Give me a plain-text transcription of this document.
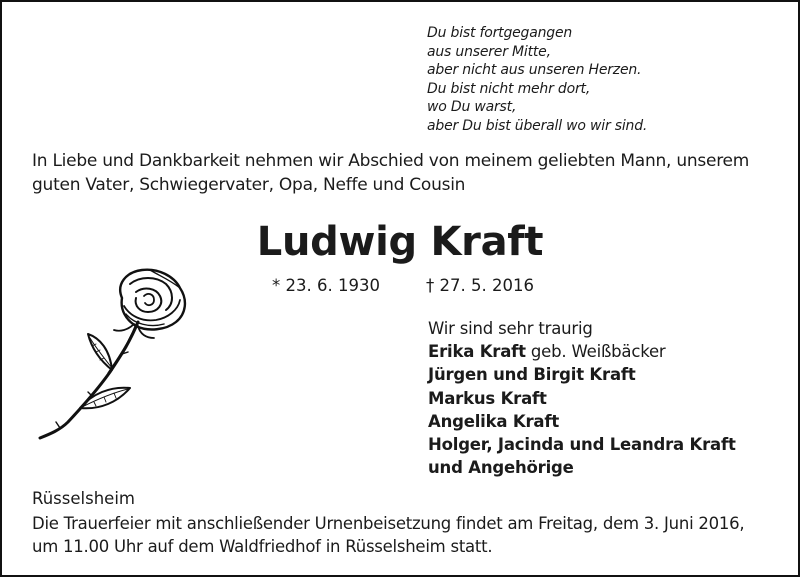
Du bist fortgegangen
aus unserer Mitte,
aber nicht aus unseren Herzen.
Du bist nicht mehr dort,
wo Du warst,
aber Du bist überall wo wir sind.
In Liebe und Dankbarkeit nehmen wir Abschied von meinem geliebten Mann, unserem
guten Vater, Schwiegervater, Opa, Neffe und Cousin
Ludwig Kraft
* 23. 6. 1930	† 27. 5. 2016
Wir sind sehr traurig
Erika Kraft geb. Weißbäcker
Jürgen und Birgit Kraft
Markus Kraft
Angelika Kraft
Holger, Jacinda und Leandra Kraft
und Angehörige
Rüsselsheim
Die Trauerfeier mit anschließender Urnenbeisetzung findet am Freitag, dem 3. Juni 2016,
um 11.00 Uhr auf dem Waldfriedhof in Rüsselsheim statt.
